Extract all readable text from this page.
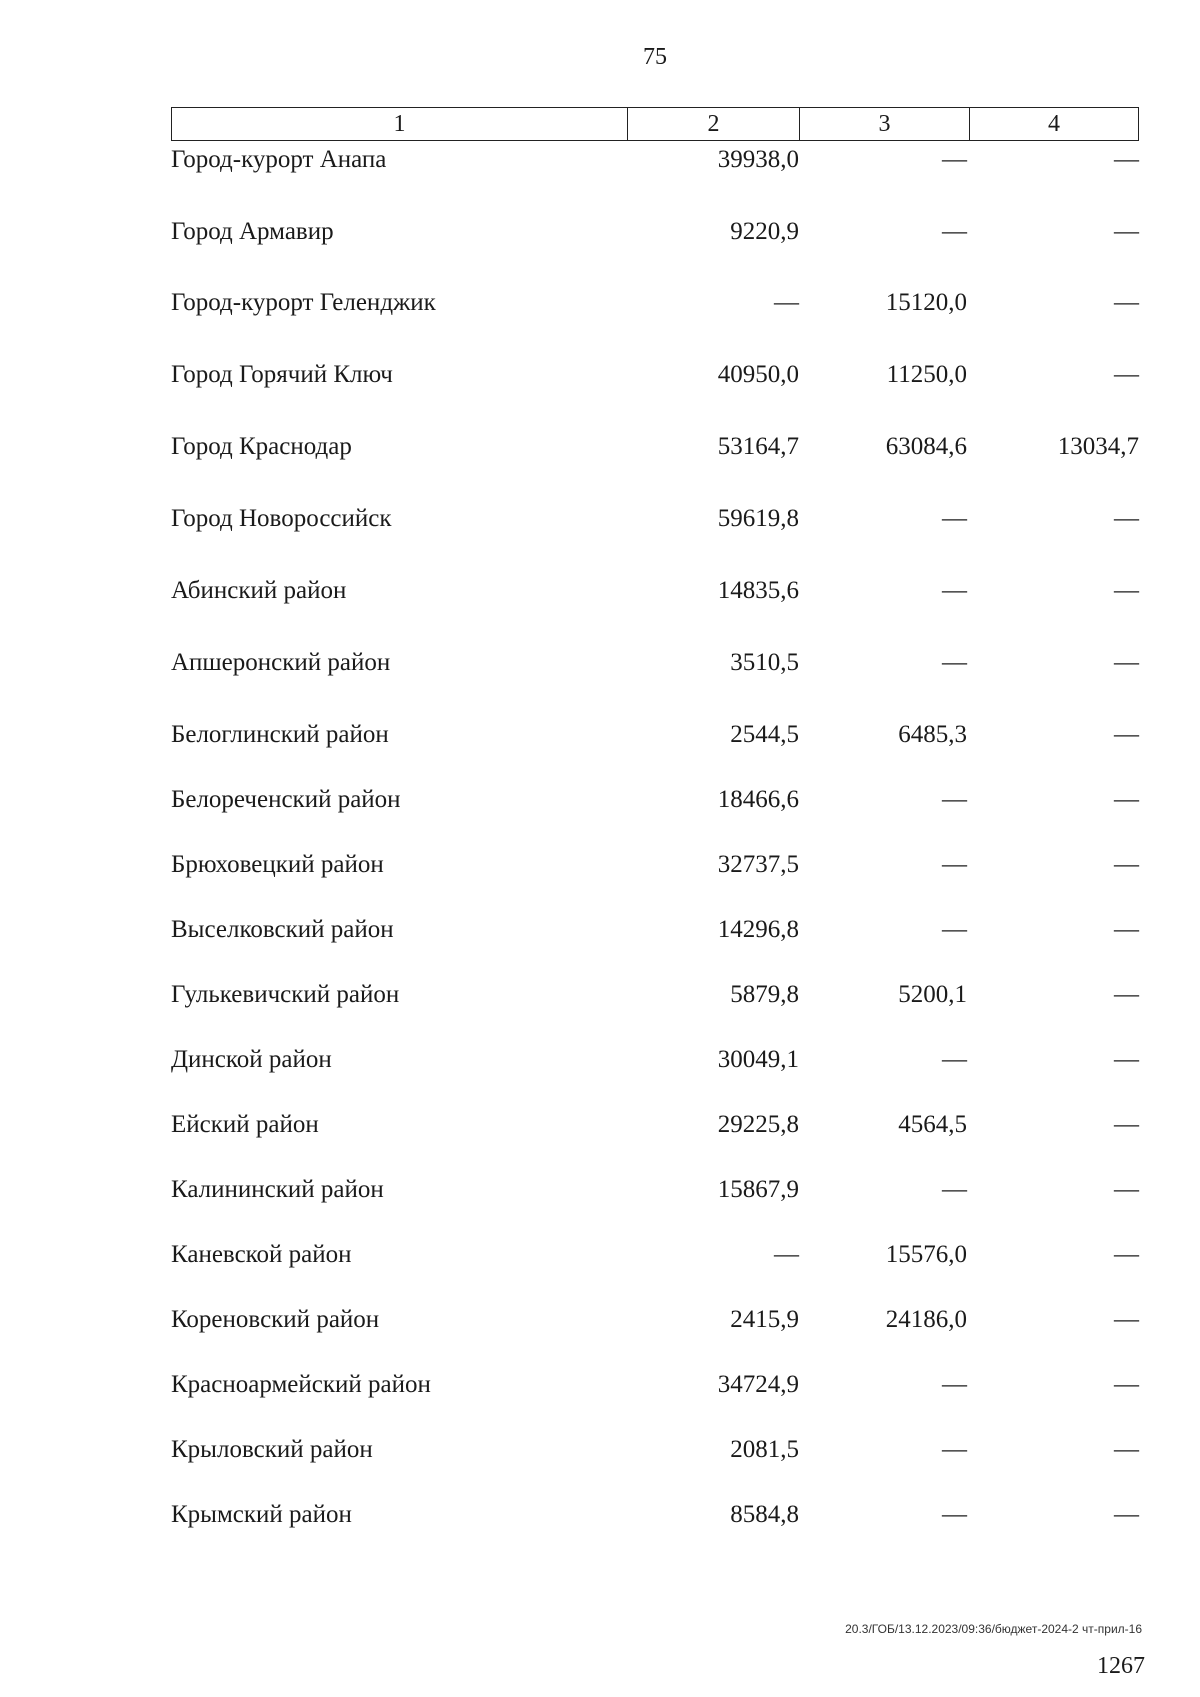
75
1	2	3	4
Город-курорт Анапа	39938,0	—	—
Город Армавир	9220,9	—	—
Город-курорт Геленджик	—	15120,0	—
Город Горячий Ключ	40950,0	11250,0	—
Город Краснодар	53164,7	63084,6	13034,7
Город Новороссийск	59619,8	—	—
Абинский район	14835,6	—	—
Апшеронский район	3510,5	—	—
Белоглинский район	2544,5	6485,3	—
Белореченский район	18466,6	—	—
Брюховецкий район	32737,5	—	—
Выселковский район	14296,8	—	—
Гулькевичский район	5879,8	5200,1	—
Динской район	30049,1	—	—
Ейский район	29225,8	4564,5	—
Калининский район	15867,9	—	—
Каневской район	—	15576,0	—
Кореновский район	2415,9	24186,0	—
Красноармейский район	34724,9	—	—
Крыловский район	2081,5	—	—
Крымский район	8584,8	—	—
20.3/ГОБ/13.12.2023/09:36/бюджет-2024-2 чт-прил-16
1267
